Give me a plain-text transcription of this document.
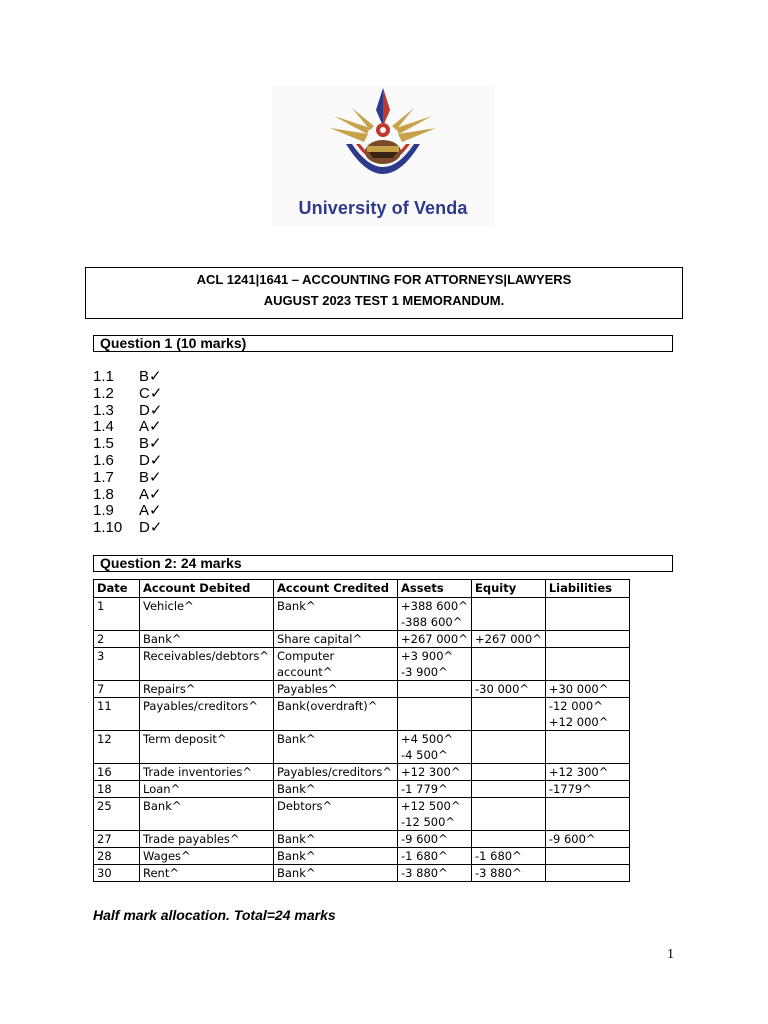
University of Venda
ACL 1241|1641 – ACCOUNTING FOR ATTORNEYS|LAWYERS
AUGUST 2023 TEST 1 MEMORANDUM.
Question 1 (10 marks)
1.1 B✓
1.2 C✓
1.3 D✓
1.4 A✓
1.5 B✓
1.6 D✓
1.7 B✓
1.8 A✓
1.9 A✓
1.10 D✓
Question 2: 24 marks
Date	Account Debited	Account Credited	Assets	Equity	Liabilities
1	Vehicle^	Bank^	+388 600^
-388 600^		

2	Bank^	Share capital^	+267 000^	+267 000^	

3	Receivables/debtors^	Computer
account^	+3 900^
-3 900^		

7	Repairs^	Payables^		-30 000^	+30 000^

11	Payables/creditors^	Bank(overdraft)^			-12 000^
+12 000^

12	Term deposit^	Bank^	+4 500^
-4 500^		

16	Trade inventories^	Payables/creditors^	+12 300^		+12 300^

18	Loan^	Bank^	-1 779^		-1779^

25	Bank^	Debtors^	+12 500^
-12 500^		

27	Trade payables^	Bank^	-9 600^		-9 600^

28	Wages^	Bank^	-1 680^	-1 680^	

30	Rent^	Bank^	-3 880^	-3 880^	

Half mark allocation. Total=24 marks
1
